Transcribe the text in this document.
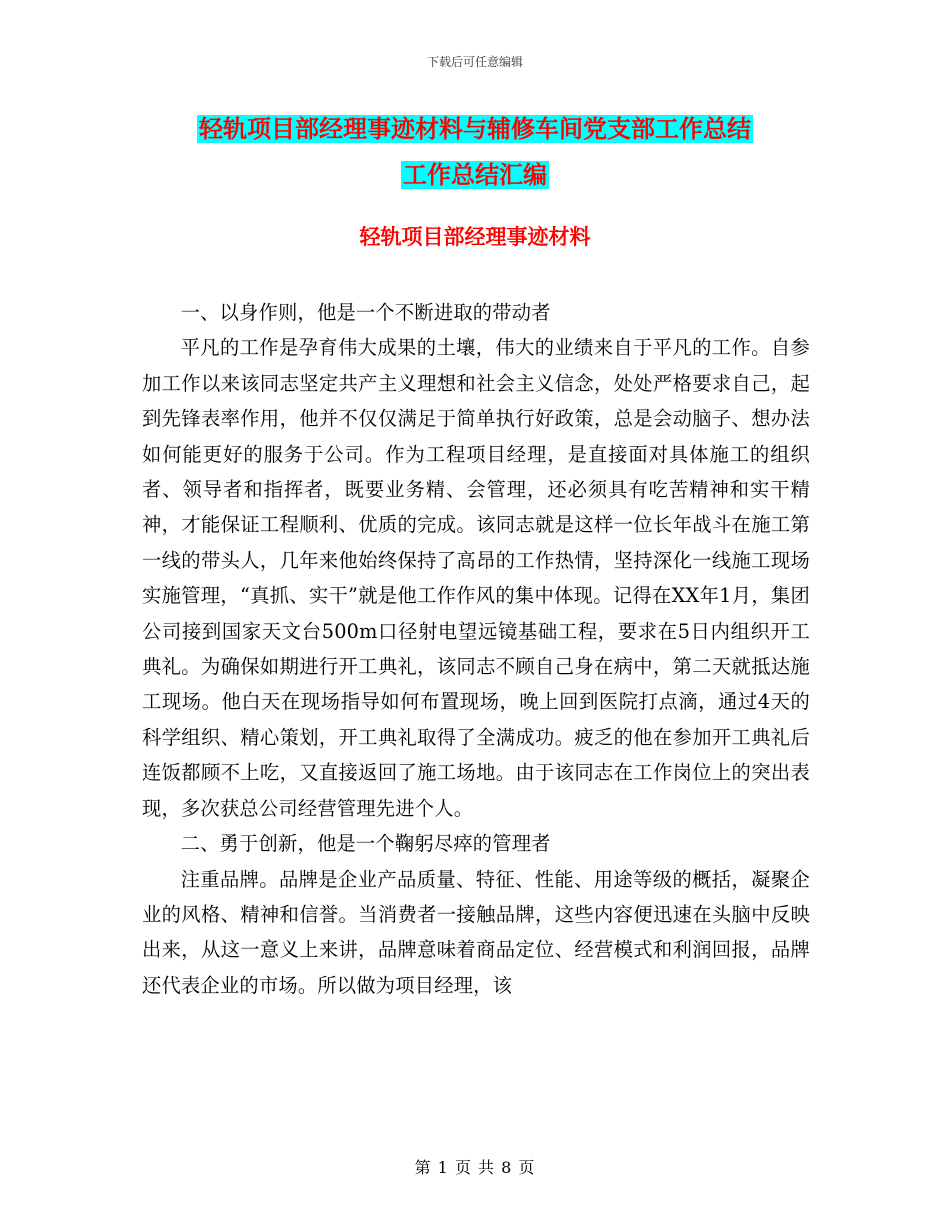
下载后可任意编辑
轻轨项目部经理事迹材料与辅修车间党支部工作总结
工作总结汇编
轻轨项目部经理事迹材料

一、以身作则，他是一个不断进取的带动者

平凡的工作是孕育伟大成果的土壤，伟大的业绩来自于平凡的工作。自参加工作以来该同志坚定共产主义理想和社会主义信念，处处严格要求自己，起到先锋表率作用，他并不仅仅满足于简单执行好政策，总是会动脑子、想办法如何能更好的服务于公司。作为工程项目经理，是直接面对具体施工的组织者、领导者和指挥者，既要业务精、会管理，还必须具有吃苦精神和实干精神，才能保证工程顺利、优质的完成。该同志就是这样一位长年战斗在施工第一线的带头人，几年来他始终保持了高昂的工作热情，坚持深化一线施工现场实施管理，“真抓、实干”就是他工作作风的集中体现。记得在XX年1月，集团公司接到国家天文台500m口径射电望远镜基础工程，要求在5日内组织开工典礼。为确保如期进行开工典礼，该同志不顾自己身在病中，第二天就抵达施工现场。他白天在现场指导如何布置现场，晚上回到医院打点滴，通过4天的科学组织、精心策划，开工典礼取得了全满成功。疲乏的他在参加开工典礼后连饭都顾不上吃，又直接返回了施工场地。由于该同志在工作岗位上的突出表现，多次获总公司经营管理先进个人。

二、勇于创新，他是一个鞠躬尽瘁的管理者

注重品牌。品牌是企业产品质量、特征、性能、用途等级的概括，凝聚企业的风格、精神和信誉。当消费者一接触品牌，这些内容便迅速在头脑中反映出来，从这一意义上来讲，品牌意味着商品定位、经营模式和利润回报，品牌还代表企业的市场。所以做为项目经理，该

第 1 页 共 8 页
